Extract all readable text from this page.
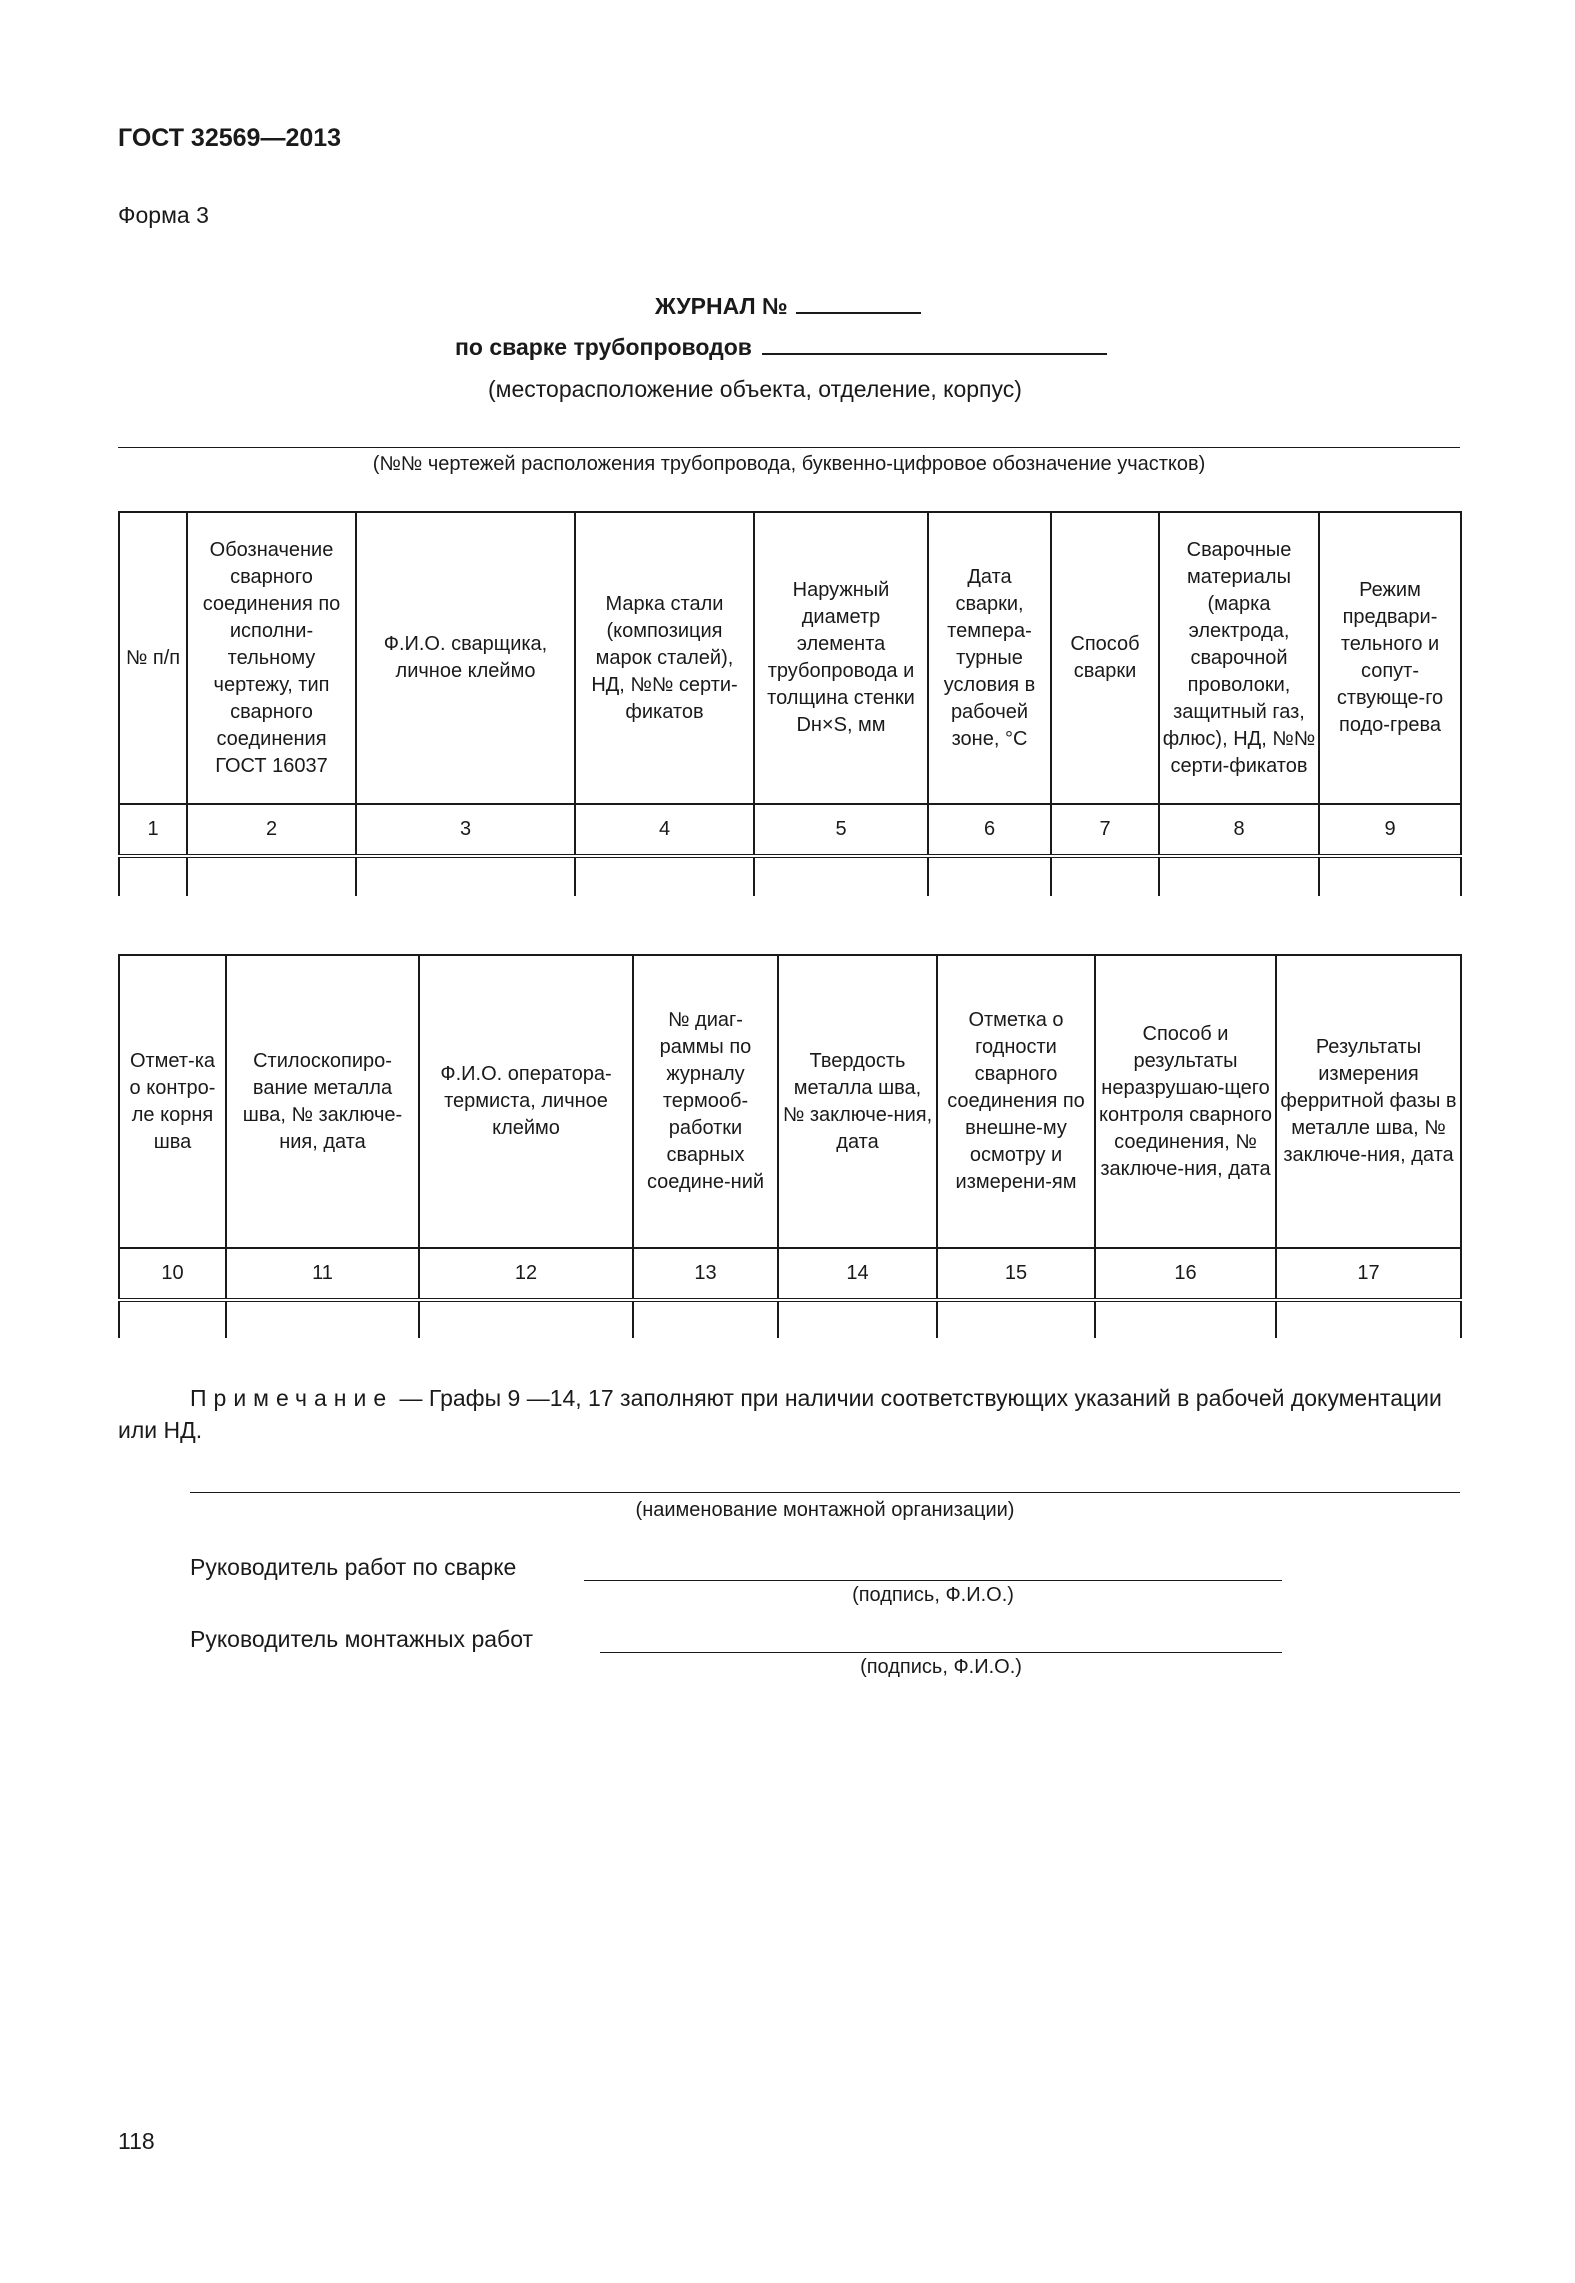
ГОСТ 32569—2013
Форма 3
ЖУРНАЛ №
по сварке трубопроводов
(месторасположение объекта, отделение, корпус)
(№№ чертежей расположения трубопровода, буквенно-цифровое обозначение участков)
№ п/п	Обозначение сварного соединения по исполни-тельному чертежу, тип сварного соединения ГОСТ 16037	Ф.И.О. сварщика, личное клеймо	Марка стали (композиция марок сталей), НД, №№ серти-фикатов	Наружный диаметр элемента трубопровода и толщина стенки Dн×S, мм	Дата сварки, темпера-турные условия в рабочей зоне, °С	Способ сварки	Сварочные материалы (марка электрода, сварочной проволоки, защитный газ, флюс), НД, №№ серти-фикатов	Режим предвари-тельного и сопут-ствующе-го подо-грева
1	2	3	4	5	6	7	8	9

Отмет-ка о контро-ле корня шва	Стилоскопиро-вание металла шва, № заключе-ния, дата	Ф.И.О. оператора-термиста, личное клеймо	№ диаг-раммы по журналу термооб-работки сварных соедине-ний	Твердость металла шва, № заключе-ния, дата	Отметка о годности сварного соединения по внешне-му осмотру и измерени-ям	Способ и результаты неразрушаю-щего контроля сварного соединения, № заключе-ния, дата	Результаты измерения ферритной фазы в металле шва, № заключе-ния, дата
10	11	12	13	14	15	16	17

Примечание — Графы 9 —14, 17 заполняют при наличии соответствующих указаний в рабочей документации или НД.
(наименование монтажной организации)
Руководитель работ по сварке
(подпись, Ф.И.О.)
Руководитель монтажных работ
(подпись, Ф.И.О.)
118
